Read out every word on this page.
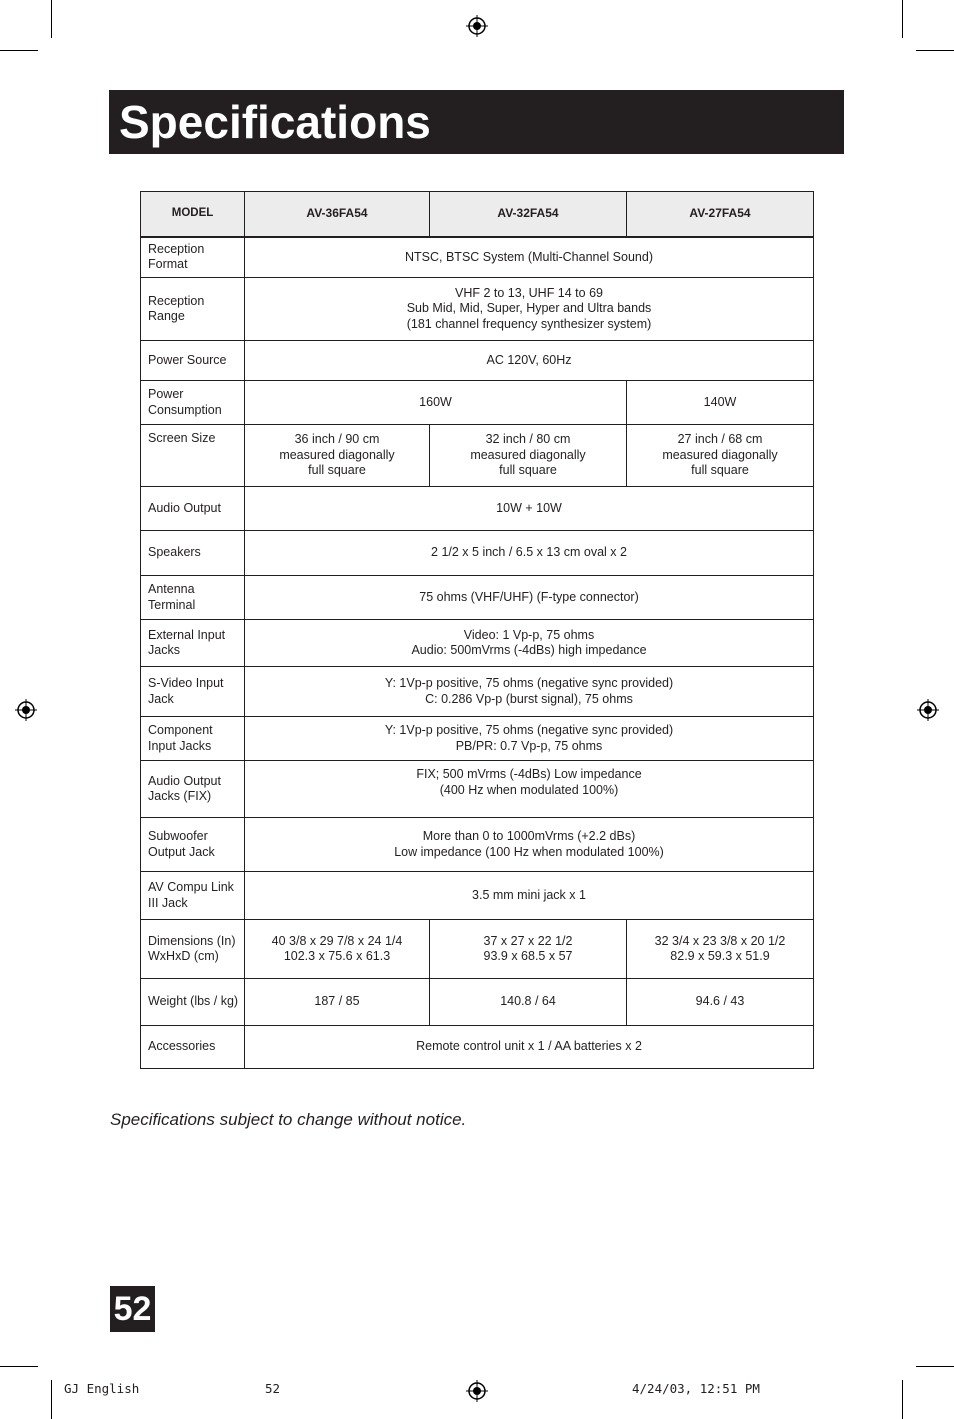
Specifications
MODEL	AV-36FA54	AV-32FA54	AV-27FA54

Reception
Format	NTSC, BTSC System (Multi-Channel Sound)		

Reception
Range	VHF 2 to 13, UHF 14 to 69
Sub Mid, Mid, Super, Hyper and Ultra bands
(181 channel frequency synthesizer system)		

Power Source	AC 120V, 60Hz		

Power
Consumption	160W		140W

Screen Size	36 inch / 90 cm
measured diagonally
full square	32 inch / 80 cm
measured diagonally
full square	27 inch / 68 cm
measured diagonally
full square

Audio Output	10W + 10W		

Speakers	2 1/2 x 5 inch / 6.5 x 13 cm oval x 2		

Antenna
Terminal	75 ohms (VHF/UHF) (F-type connector)		

External Input
Jacks	Video: 1 Vp-p, 75 ohms
Audio: 500mVrms (-4dBs) high impedance		

S-Video Input
Jack	Y: 1Vp-p positive, 75 ohms (negative sync provided)
C: 0.286 Vp-p (burst signal), 75 ohms		

Component
Input Jacks	Y: 1Vp-p positive, 75 ohms (negative sync provided)
PB/PR: 0.7 Vp-p, 75 ohms		

Audio Output
Jacks (FIX)	FIX; 500 mVrms (-4dBs) Low impedance
(400 Hz when modulated 100%)		

Subwoofer
Output Jack	More than 0 to 1000mVrms (+2.2 dBs)
Low impedance (100 Hz when modulated 100%)		

AV Compu Link
III Jack	3.5 mm mini jack x 1		

Dimensions (In)
WxHxD (cm)	40 3/8 x 29 7/8 x 24 1/4
102.3 x 75.6 x 61.3	37 x 27 x 22 1/2
93.9 x 68.5 x 57	32 3/4 x 23 3/8 x 20 1/2
82.9 x 59.3 x 51.9

Weight (lbs / kg)	187 / 85	140.8 / 64	94.6 / 43

Accessories	Remote control unit x 1 / AA batteries x 2		
Specifications subject to change without notice.
52
GJ English	52	4/24/03, 12:51 PM
